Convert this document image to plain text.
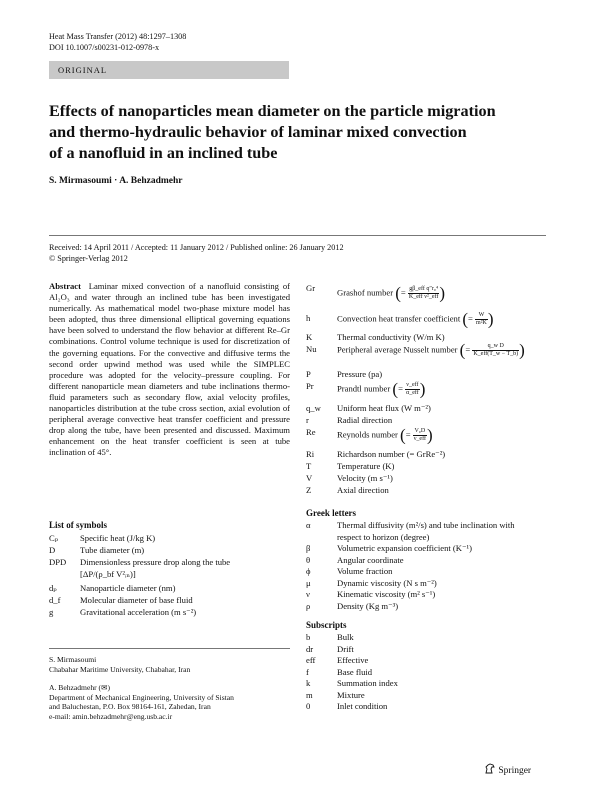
Heat Mass Transfer (2012) 48:1297–1308
DOI 10.1007/s00231-012-0978-x
ORIGINAL
Effects of nanoparticles mean diameter on the particle migration
and thermo-hydraulic behavior of laminar mixed convection
of a nanofluid in an inclined tube
S. Mirmasoumi · A. Behzadmehr
Received: 14 April 2011 / Accepted: 11 January 2012 / Published online: 26 January 2012
© Springer-Verlag 2012
Abstract Laminar mixed convection of a nanofluid consisting of Al₂O₃ and water through an inclined tube has been investigated numerically. As mathematical model two-phase mixture model has been adopted, thus three dimensional elliptical governing equations have been solved to understand the flow behavior at different Re–Gr combinations. Control volume technique is used for discretization of the governing equations. For the convective and diffusive terms the second order upwind method was used while the SIMPLEC procedure was adopted for the velocity–pressure coupling. For different nanoparticle mean diameters and tube inclinations thermo-fluid parameters such as secondary flow, axial velocity profiles, nanoparticles distribution at the tube cross section, axial evolution of peripheral average convective heat transfer coefficient and pressure drop along the tube, have been presented and discussed. Maximum enhancement on the heat transfer coefficient is seen at tube inclination of 45°.
List of symbols
Cₚ	Specific heat (J/kg K)
D	Tube diameter (m)
DPD Dimensionless pressure drop along the tube
[ΔP/(ρ_bf V²ᵢₙ)]
dₚ	Nanoparticle diameter (nm)
d_f Molecular diameter of base fluid
g	Gravitational acceleration (m s⁻²)
Gr	Grashof number (= $\frac{\text{gβ\_eff q″r₀⁴}}{\text{K\_eff ν²\_eff}}$ )
h	Convection heat transfer coefficient (= $\frac{W}{\text{m²K}}$ )
K	Thermal conductivity (W/m K)
Nu Peripheral average Nusselt number (= $\frac{\text{q\_w D}}{\text{K\_eff(T\_w − T\_b)}}$ )
P	Pressure (pa)
Pr	Prandtl number (= $\frac{\text{ν\_eff}}{\text{α\_eff}}$ )
q_w Uniform heat flux (W m⁻²)
r	Radial direction
Re Reynolds number (= $\frac{\text{V₀D}}{\text{ν\_eff}}$ )
Ri	Richardson number (= GrRe⁻²)
T	Temperature (K)
V	Velocity (m s⁻¹)
Z	Axial direction
Greek letters
α	Thermal diffusivity (m²/s) and tube inclination with
respect to horizon (degree)
β	Volumetric expansion coefficient (K⁻¹)
θ	Angular coordinate
ϕ	Volume fraction
μ	Dynamic viscosity (N s m⁻²)
ν	Kinematic viscosity (m² s⁻¹)
ρ	Density (Kg m⁻³)
Subscripts
b	Bulk
dr	Drift
eff	Effective
f	Base fluid
k	Summation index
m	Mixture
0	Inlet condition
S. Mirmasoumi
Chabahar Maritime University, Chabahar, Iran
A. Behzadmehr (✉)
Department of Mechanical Engineering, University of Sistan
and Baluchestan, P.O. Box 98164-161, Zahedan, Iran
e-mail: amin.behzadmehr@eng.usb.ac.ir
Springer
